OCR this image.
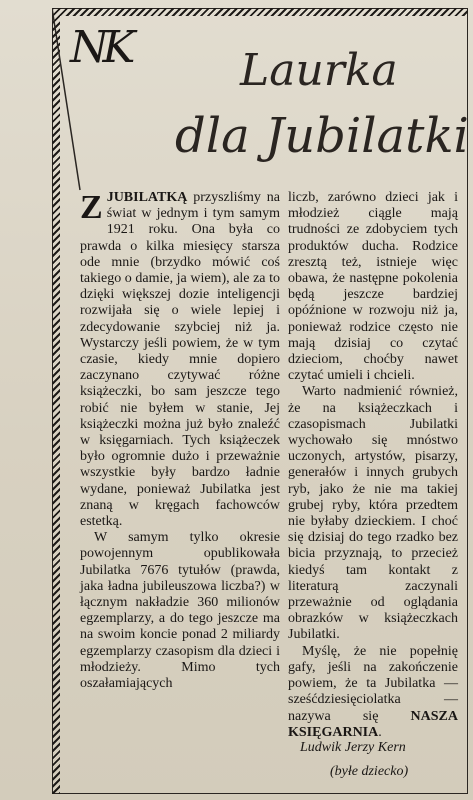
NK	Laurka
dla Jubilatki

ZJUBILATKĄ przyszliśmy na świat w jednym i tym samym 1921 roku. Ona była co prawda o kilka miesięcy starsza ode mnie (brzydko mówić coś takiego o damie, ja wiem), ale za to dzięki większej dozie inteligencji rozwijała się o wiele lepiej i zdecydowanie szybciej niż ja. Wystarczy jeśli powiem, że w tym czasie, kiedy mnie dopiero zaczynano czytywać różne książeczki, bo sam jeszcze tego robić nie byłem w stanie, Jej książeczki można już było znaleźć w księgarniach. Tych książeczek było ogromnie dużo i przeważnie wszystkie były bardzo ładnie wydane, ponieważ Jubilatka jest znaną w kręgach fachowców estetką.

W samym tylko okresie powojennym opublikowała Jubilatka 7676 tytułów (prawda, jaka ładna jubileuszowa liczba?) w łącznym nakładzie 360 milionów egzemplarzy, a do tego jeszcze ma na swoim koncie ponad 2 miliardy egzemplarzy czasopism dla dzieci i młodzieży. Mimo tych oszałamiających

liczb, zarówno dzieci jak i młodzież ciągle mają trudności ze zdobyciem tych produktów ducha. Rodzice zresztą też, istnieje więc obawa, że następne pokolenia będą jeszcze bardziej opóźnione w rozwoju niż ja, ponieważ rodzice często nie mają dzisiaj co czytać dzieciom, choćby nawet czytać umieli i chcieli.

Warto nadmienić również, że na książeczkach i czasopismach Jubilatki wychowało się mnóstwo uczonych, artystów, pisarzy, generałów i innych grubych ryb, jako że nie ma takiej grubej ryby, która przedtem nie byłaby dzieckiem. I choć się dzisiaj do tego rzadko bez bicia przyznają, to przecież kiedyś tam kontakt z literaturą zaczynali przeważnie od oglądania obrazków w książeczkach Jubilatki.

Myślę, że nie popełnię gafy, jeśli na zakończenie powiem, że ta Jubilatka — sześćdziesięciolatka — nazywa się NASZA KSIĘGARNIA.

Ludwik Jerzy Kern
(byłe dziecko)
